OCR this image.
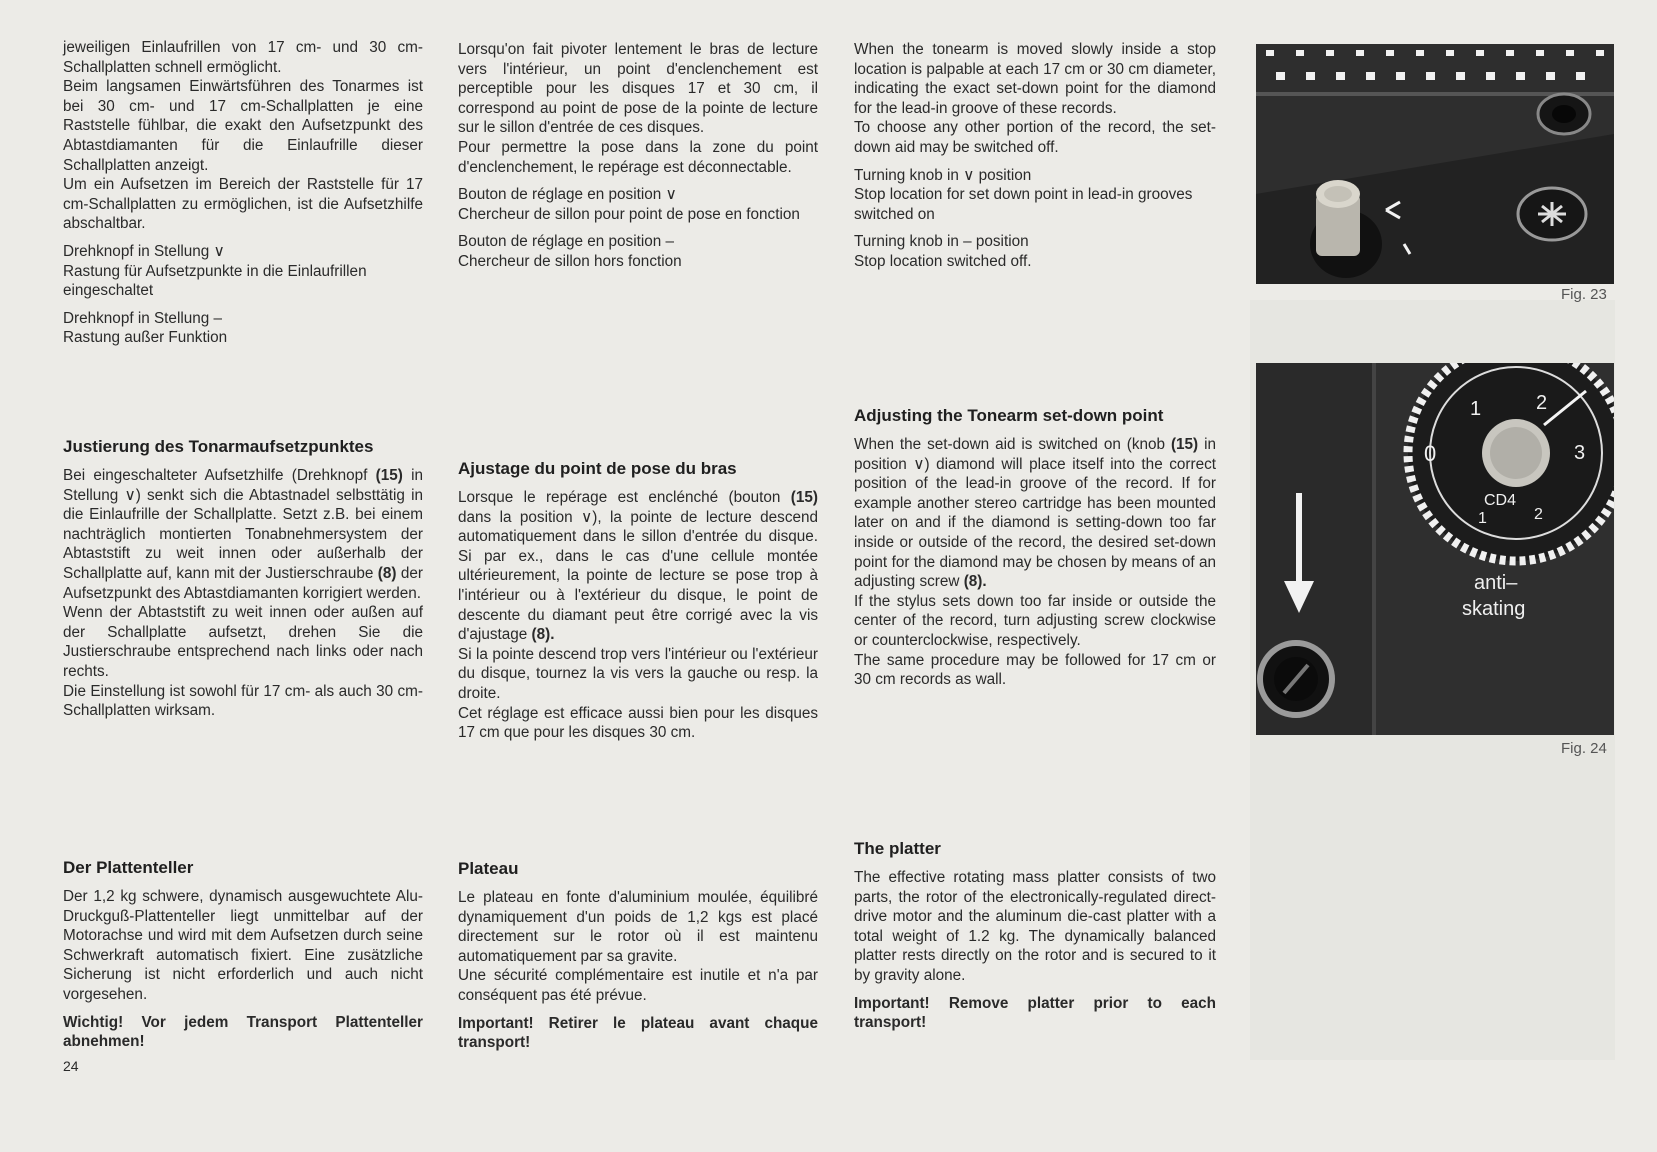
jeweiligen Einlaufrillen von 17 cm- und 30 cm-Schallplatten schnell ermöglicht.

Beim langsamen Einwärtsführen des Tonarmes ist bei 30 cm- und 17 cm-Schallplatten je eine Raststelle fühlbar, die exakt den Aufsetzpunkt des Abtastdiamanten für die Einlaufrille dieser Schallplatten anzeigt.

Um ein Aufsetzen im Bereich der Raststelle für 17 cm-Schallplatten zu ermöglichen, ist die Aufsetzhilfe abschaltbar.

Drehknopf in Stellung ∨

Rastung für Aufsetzpunkte in die Einlaufrillen eingeschaltet

Drehknopf in Stellung –

Rastung außer Funktion

Justierung des Tonarmaufsetzpunktes

Bei eingeschalteter Aufsetzhilfe (Drehknopf (15) in Stellung ∨) senkt sich die Abtastnadel selbsttätig in die Einlaufrille der Schallplatte. Setzt z.B. bei einem nachträglich montierten Tonabnehmersystem der Abtaststift zu weit innen oder außerhalb der Schallplatte auf, kann mit der Justierschraube (8) der Aufsetzpunkt des Abtastdiamanten korrigiert werden.

Wenn der Abtaststift zu weit innen oder außen auf der Schallplatte aufsetzt, drehen Sie die Justierschraube entsprechend nach links oder nach rechts.

Die Einstellung ist sowohl für 17 cm- als auch 30 cm-Schallplatten wirksam.

Der Plattenteller

Der 1,2 kg schwere, dynamisch ausgewuchtete Alu-Druckguß-Plattenteller liegt unmittelbar auf der Motorachse und wird mit dem Aufsetzen durch seine Schwerkraft automatisch fixiert. Eine zusätzliche Sicherung ist nicht erforderlich und auch nicht vorgesehen.

Wichtig! Vor jedem Transport Plattenteller abnehmen!

24

Lorsqu'on fait pivoter lentement le bras de lecture vers l'intérieur, un point d'enclenchement est perceptible pour les disques 17 et 30 cm, il correspond au point de pose de la pointe de lecture sur le sillon d'entrée de ces disques.

Pour permettre la pose dans la zone du point d'enclenchement, le repérage est déconnectable.

Bouton de réglage en position ∨

Chercheur de sillon pour point de pose en fonction

Bouton de réglage en position –

Chercheur de sillon hors fonction

Ajustage du point de pose du bras

Lorsque le repérage est enclénché (bouton (15) dans la position ∨), la pointe de lecture descend automatiquement dans le sillon d'entrée du disque. Si par ex., dans le cas d'une cellule montée ultérieurement, la pointe de lecture se pose trop à l'intérieur ou à l'extérieur du disque, le point de descente du diamant peut être corrigé avec la vis d'ajustage (8).

Si la pointe descend trop vers l'intérieur ou l'extérieur du disque, tournez la vis vers la gauche ou resp. la droite.

Cet réglage est efficace aussi bien pour les disques 17 cm que pour les disques 30 cm.

Plateau

Le plateau en fonte d'aluminium moulée, équilibré dynamiquement d'un poids de 1,2 kgs est placé directement sur le rotor où il est maintenu automatiquement par sa gravite.

Une sécurité complémentaire est inutile et n'a par conséquent pas été prévue.

Important! Retirer le plateau avant chaque transport!

When the tonearm is moved slowly inside a stop location is palpable at each 17 cm or 30 cm diameter, indicating the exact set-down point for the diamond for the lead-in groove of these records.

To choose any other portion of the record, the set-down aid may be switched off.

Turning knob in ∨ position

Stop location for set down point in lead-in grooves switched on

Turning knob in – position

Stop location switched off.

Adjusting the Tonearm set-down point

When the set-down aid is switched on (knob (15) in position ∨) diamond will place itself into the correct position of the lead-in groove of the record. If for example another stereo cartridge has been mounted later on and if the diamond is setting-down too far inside or outside of the record, the desired set-down point for the diamond may be chosen by means of an adjusting screw (8).

If the stylus sets down too far inside or outside the center of the record, turn adjusting screw clockwise or counterclockwise, respectively.

The same procedure may be followed for 17 cm or 30 cm records as wall.

The platter

The effective rotating mass platter consists of two parts, the rotor of the electronically-regulated direct-drive motor and the aluminum die-cast platter with a total weight of 1.2 kg. The dynamically balanced platter rests directly on the rotor and is secured to it by gravity alone.

Important! Remove platter prior to each transport!

Fig. 23
0
1	2
3
CD4
1	2
anti–
skating
Fig. 24
